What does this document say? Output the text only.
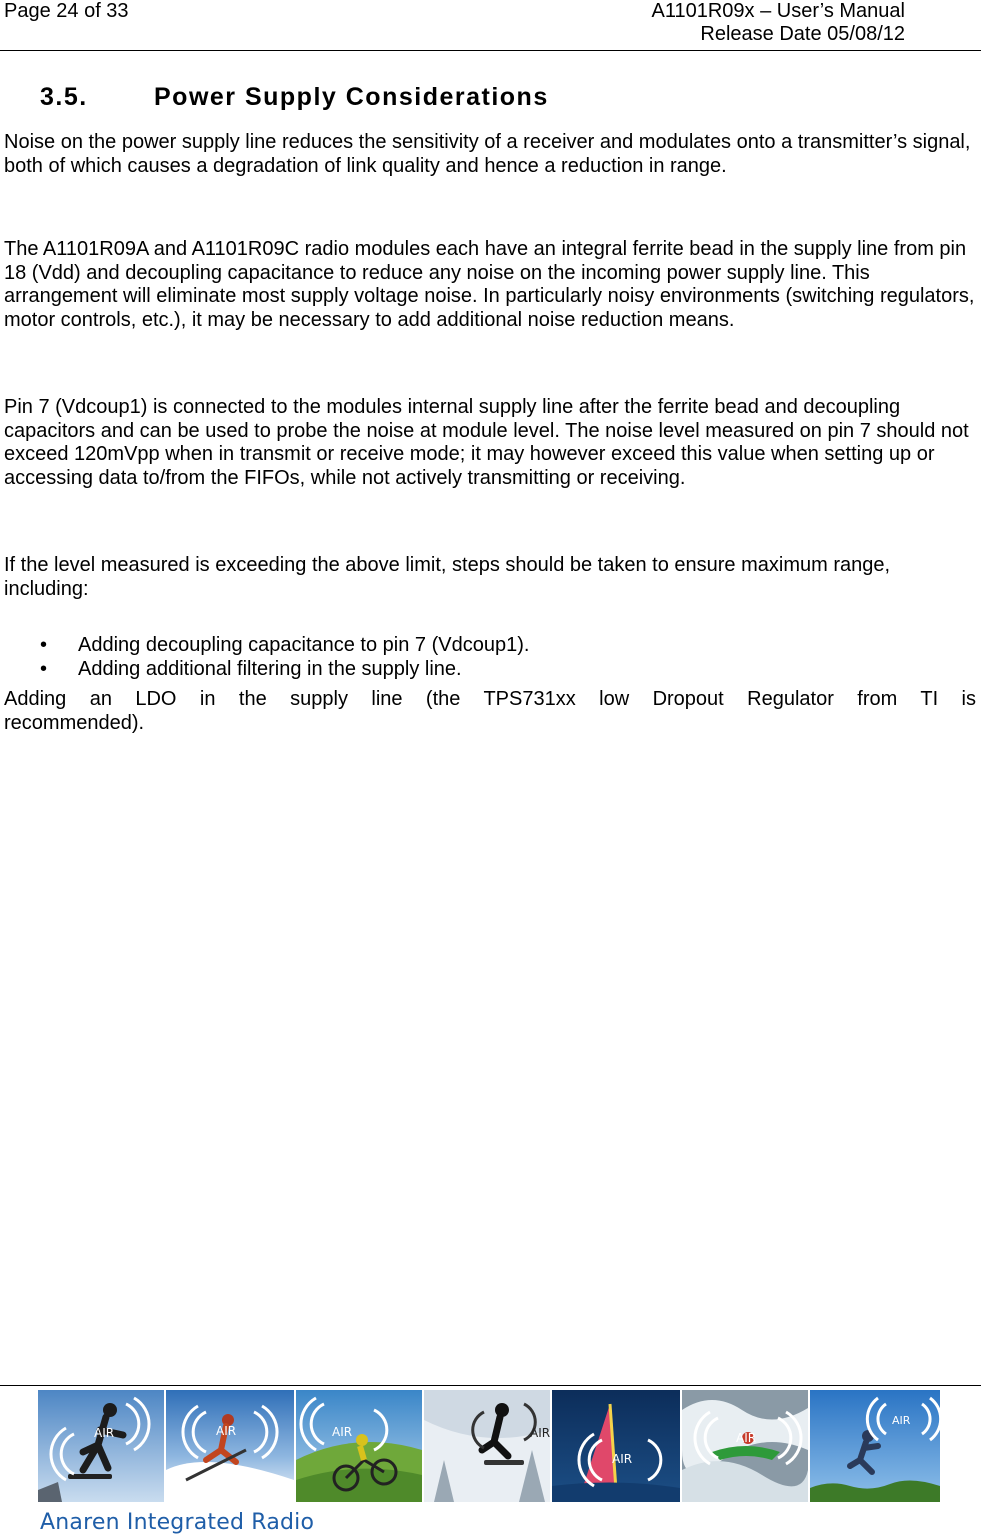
Page 24 of 33	A1101R09x – User’s Manual
Release Date 05/08/12
3.5.	Power Supply Considerations

Noise on the power supply line reduces the sensitivity of a receiver and modulates onto a transmitter’s signal, both of which causes a degradation of link quality and hence a reduction in range.

The A1101R09A and A1101R09C radio modules each have an integral ferrite bead in the supply line from pin 18 (Vdd) and decoupling capacitance to reduce any noise on the incoming power supply line. This arrangement will eliminate most supply voltage noise. In particularly noisy environments (switching regulators, motor controls, etc.), it may be necessary to add additional noise reduction means.

Pin 7 (Vdcoup1) is connected to the modules internal supply line after the ferrite bead and decoupling capacitors and can be used to probe the noise at module level. The noise level measured on pin 7 should not exceed 120mVpp when in transmit or receive mode; it may however exceed this value when setting up or accessing data to/from the FIFOs, while not actively transmitting or receiving.

If the level measured is exceeding the above limit, steps should be taken to ensure maximum range, including:

• Adding decoupling capacitance to pin 7 (Vdcoup1).
• Adding additional filtering in the supply line.

Adding an LDO in the supply line (the TPS731xx low Dropout Regulator from TI is
recommended).

AIR	AIR	AIR	AIR
AIR
AIR
AIR
Anaren Integrated Radio
